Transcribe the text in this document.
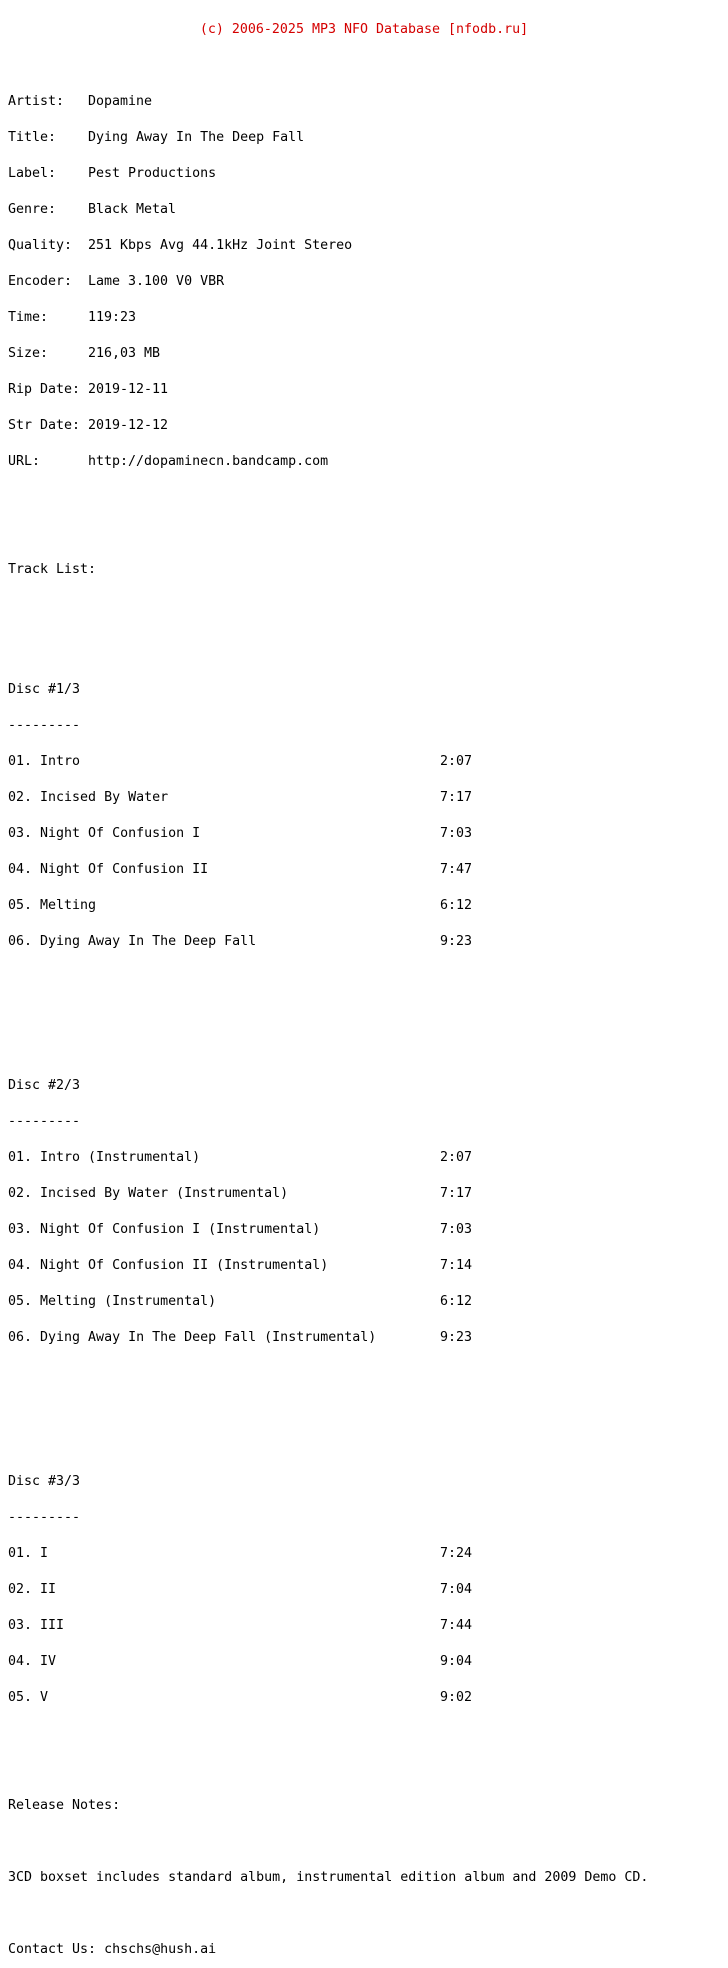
(c) 2006-2025 MP3 NFO Database [nfodb.ru]

Artist: Dopamine

Title: Dying Away In The Deep Fall

Label: Pest Productions

Genre: Black Metal

Quality: 251 Kbps Avg 44.1kHz Joint Stereo

Encoder: Lame 3.100 V0 VBR

Time:	119:23

Size:	216,03 MB

Rip Date: 2019-12-11

Str Date: 2019-12-12

URL:	http://dopaminecn.bandcamp.com

Track List:

Disc #1/3

---------

01. Intro	2:07

02. Incised By Water	7:17

03. Night Of Confusion I	7:03

04. Night Of Confusion II	7:47

05. Melting	6:12

06. Dying Away In The Deep Fall	9:23

Disc #2/3

---------

01. Intro (Instrumental)	2:07

02. Incised By Water (Instrumental)	7:17

03. Night Of Confusion I (Instrumental)	7:03

04. Night Of Confusion II (Instrumental)	7:14

05. Melting (Instrumental)	6:12

06. Dying Away In The Deep Fall (Instrumental)	9:23

Disc #3/3

---------

01. I	7:24

02. II	7:04

03. III	7:44

04. IV	9:04

05. V	9:02

Release Notes:

3CD boxset includes standard album, instrumental edition album and 2009 Demo CD.

Contact Us: chschs@hush.ai
